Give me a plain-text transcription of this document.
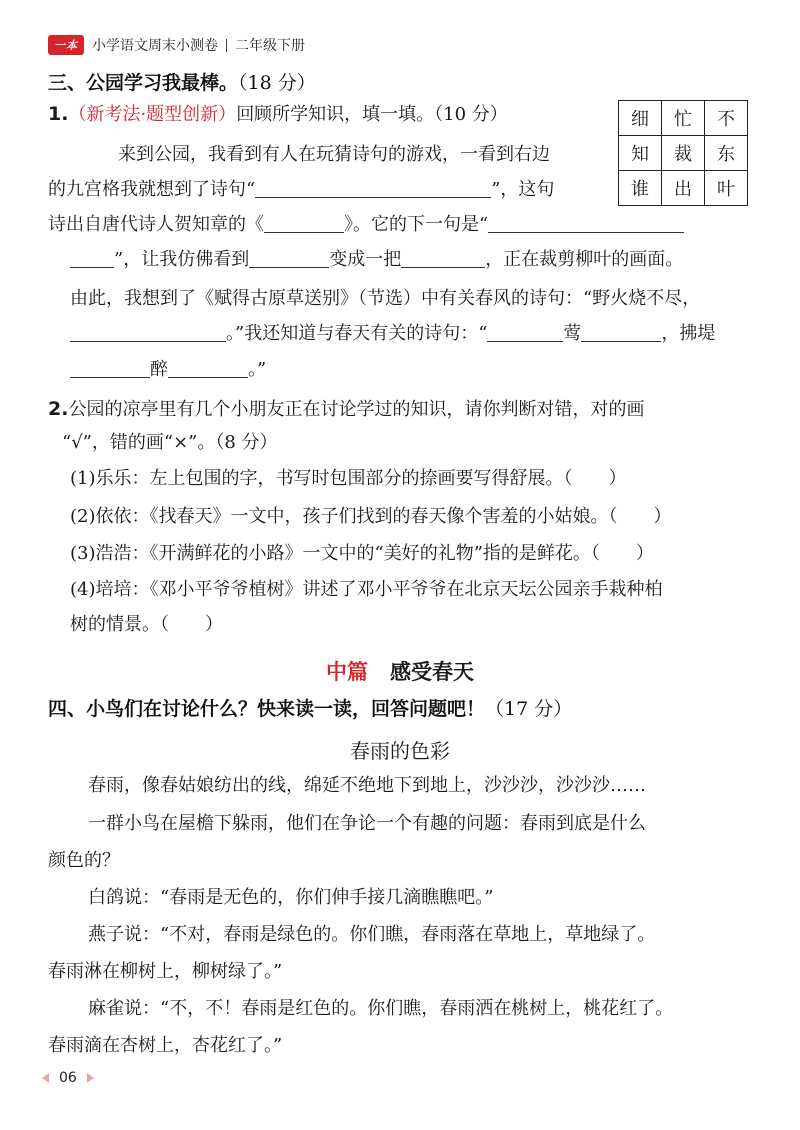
一本	小学语文周末小测卷 二年级下册
三、公园学习我最棒。（18 分）
1.（新考法·题型创新）回顾所学知识，填一填。（10 分）
来到公园，我看到有人在玩猜诗句的游戏，一看到右边
的九宫格我就想到了诗句“	”，这句
诗出自唐代诗人贺知章的《	》。它的下一句是“
”，让我仿佛看到	变成一把	，正在裁剪柳叶的画面。
由此，我想到了《赋得古原草送别》（节选）中有关春风的诗句：“野火烧不尽，
。”我还知道与春天有关的诗句：“	莺	，拂堤
醉	。”
细	忙	不
知	裁	东
谁	出	叶
2.公园的凉亭里有几个小朋友正在讨论学过的知识，请你判断对错，对的画
“√”，错的画“×”。（8 分）
(1)乐乐：左上包围的字，书写时包围部分的捺画要写得舒展。（　　）
(2)依依：《找春天》一文中，孩子们找到的春天像个害羞的小姑娘。（　　）
(3)浩浩：《开满鲜花的小路》一文中的“美好的礼物”指的是鲜花。（　　）
(4)培培：《邓小平爷爷植树》讲述了邓小平爷爷在北京天坛公园亲手栽种柏
树的情景。（　　）
中篇 感受春天
四、小鸟们在讨论什么？快来读一读，回答问题吧！（17 分）
春雨的色彩
春雨，像春姑娘纺出的线，绵延不绝地下到地上，沙沙沙，沙沙沙……
一群小鸟在屋檐下躲雨，他们在争论一个有趣的问题：春雨到底是什么
颜色的？
白鸽说：“春雨是无色的，你们伸手接几滴瞧瞧吧。”
燕子说：“不对，春雨是绿色的。你们瞧，春雨落在草地上，草地绿了。
春雨淋在柳树上，柳树绿了。”
麻雀说：“不，不！春雨是红色的。你们瞧，春雨洒在桃树上，桃花红了。
春雨滴在杏树上，杏花红了。”
06
